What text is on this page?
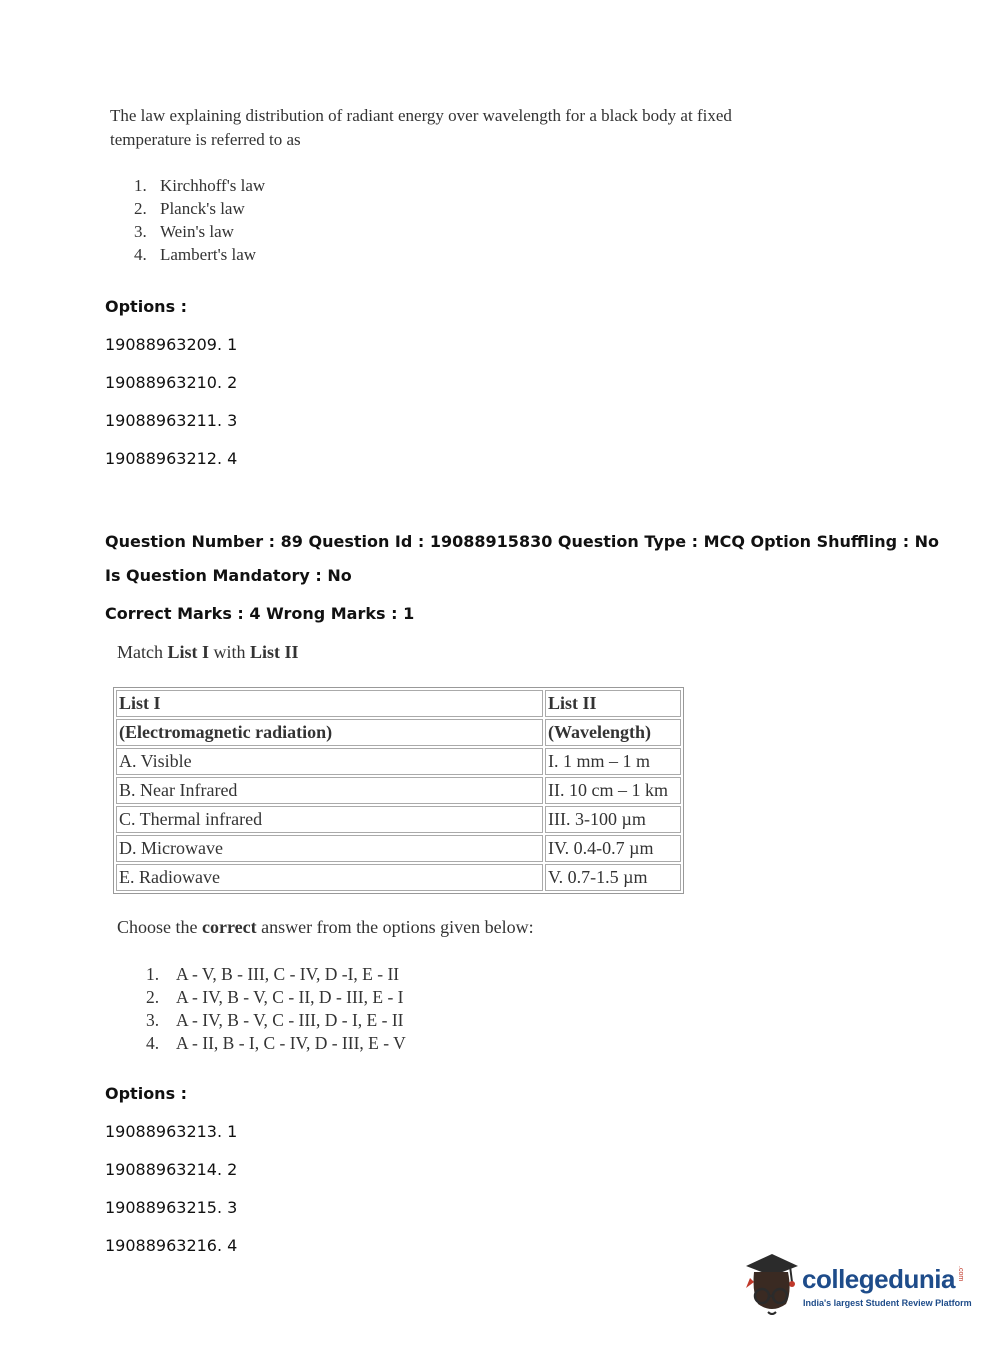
The law explaining distribution of radiant energy over wavelength for a black body at fixed temperature is referred to as
1. Kirchhoff's law
2. Planck's law
3. Wein's law
4. Lambert's law
Options :
19088963209. 1
19088963210. 2
19088963211. 3
19088963212. 4
Question Number : 89 Question Id : 19088915830 Question Type : MCQ Option Shuffling : No
Is Question Mandatory : No
Correct Marks : 4 Wrong Marks : 1
Match List I with List II
List I	List II
(Electromagnetic radiation)	(Wavelength)
A. Visible	I. 1 mm – 1 m
B. Near Infrared	II. 10 cm – 1 km
C. Thermal infrared	III. 3-100 µm
D. Microwave	IV. 0.4-0.7 µm
E. Radiowave	V. 0.7-1.5 µm
Choose the correct answer from the options given below:
1. A - V, B - III, C - IV, D -I, E - II
2. A - IV, B - V, C - II, D - III, E - I
3. A - IV, B - V, C - III, D - I, E - II
4. A - II, B - I, C - IV, D - III, E - V
Options :
19088963213. 1
19088963214. 2
19088963215. 3
19088963216. 4
collegedunia .com
India's largest Student Review Platform
